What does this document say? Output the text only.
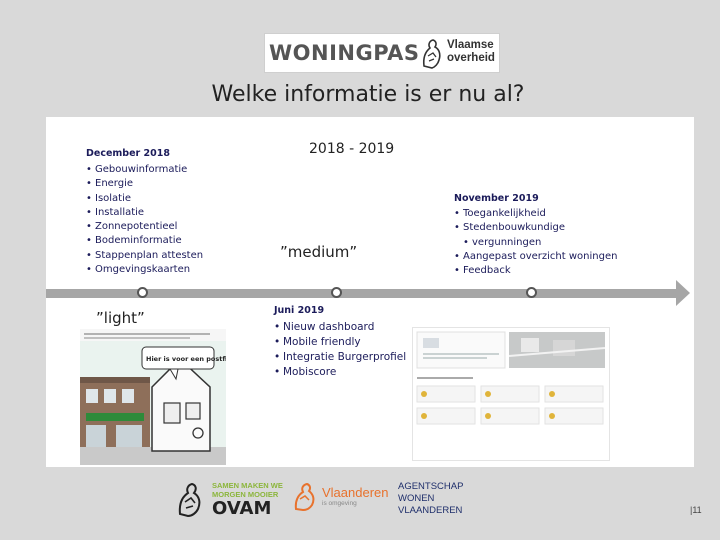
WONINGPAS Vlaamse
overheid
Welke informatie is er nu al?
December 2018
• Gebouwinformatie
• Energie
• Isolatie
• Installatie
• Zonnepotentieel
• Bodeminformatie
• Stappenplan attesten
• Omgevingskaarten
2018 - 2019
”medium”
November 2019
• Toegankelijkheid
• Stedenbouwkundige
• vergunningen
• Aangepast overzicht woningen
• Feedback
”light”	Juni 2019
• Nieuw dashboard
• Mobile friendly
• Integratie Burgerprofiel
• Mobiscore
Hier is voor een postfix
SAMEN MAKEN WE
MORGEN MOOIER
OVAM
Vlaanderen
is omgeving
AGENTSCHAP
WONEN
VLAANDEREN	|11
